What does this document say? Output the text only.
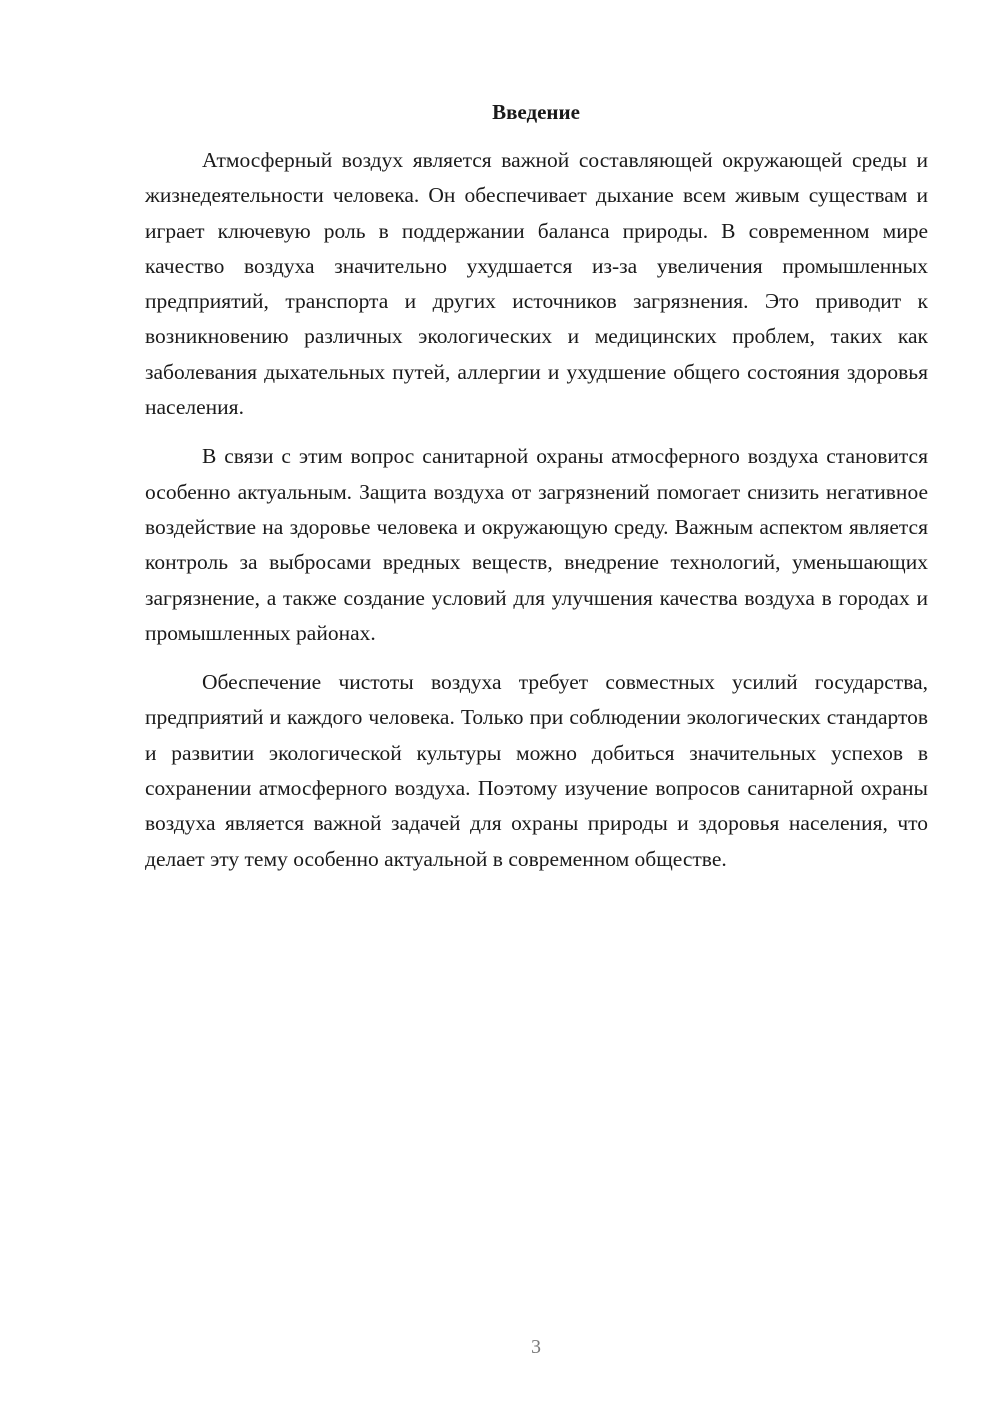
Введение

Атмосферный воздух является важной составляющей окружающей среды и жизнедеятельности человека. Он обеспечивает дыхание всем живым существам и играет ключевую роль в поддержании баланса природы. В современном мире качество воздуха значительно ухудшается из-за увеличения промышленных предприятий, транспорта и других источников загрязнения. Это приводит к возникновению различных экологических и медицинских проблем, таких как заболевания дыхательных путей, аллергии и ухудшение общего состояния здоровья населения.

В связи с этим вопрос санитарной охраны атмосферного воздуха становится особенно актуальным. Защита воздуха от загрязнений помогает снизить негативное воздействие на здоровье человека и окружающую среду. Важным аспектом является контроль за выбросами вредных веществ, внедрение технологий, уменьшающих загрязнение, а также создание условий для улучшения качества воздуха в городах и промышленных районах.

Обеспечение чистоты воздуха требует совместных усилий государства, предприятий и каждого человека. Только при соблюдении экологических стандартов и развитии экологической культуры можно добиться значительных успехов в сохранении атмосферного воздуха. Поэтому изучение вопросов санитарной охраны воздуха является важной задачей для охраны природы и здоровья населения, что делает эту тему особенно актуальной в современном обществе.

3
